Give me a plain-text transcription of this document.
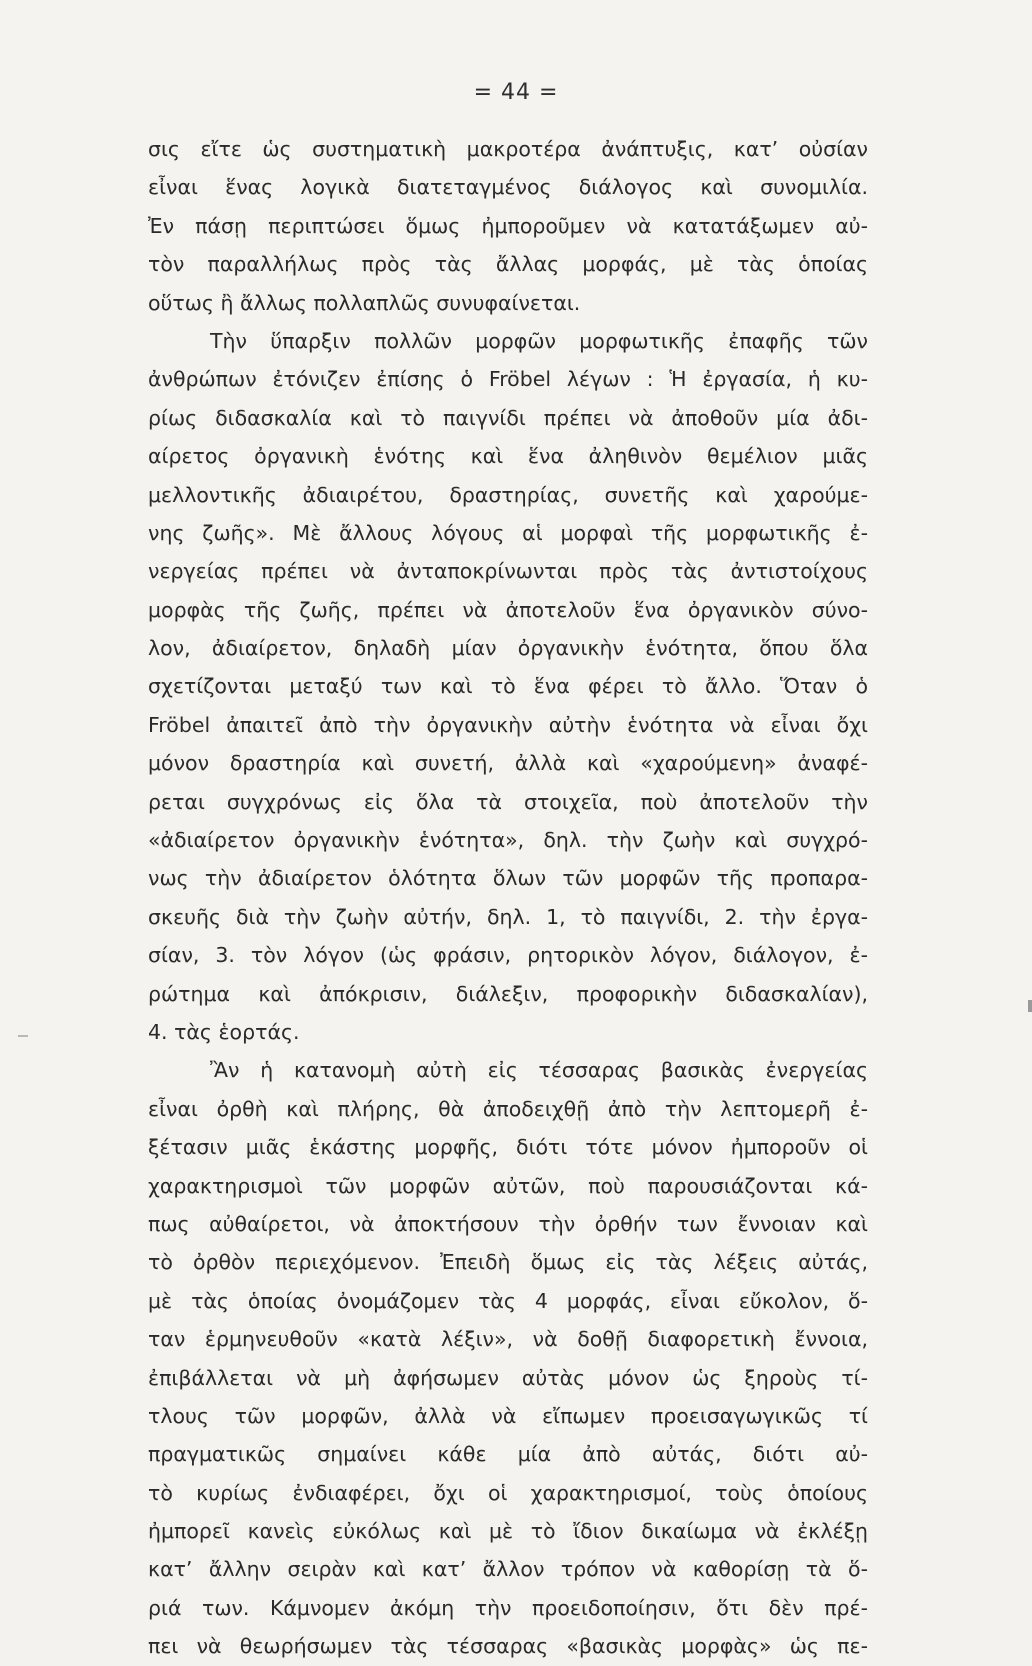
= 44 =
σις εἴτε ὡς συστηματικὴ μακροτέρα ἀνάπτυξις, κατ’ οὐσίαν
εἶναι ἕνας λογικὰ διατεταγμένος διάλογος καὶ συνομιλία.
Ἐν πάσῃ περιπτώσει ὅμως ἠμποροῦμεν νὰ κατατάξωμεν αὐ-
τὸν παραλλήλως πρὸς τὰς ἄλλας μορφάς, μὲ τὰς ὁποίας
οὕτως ἢ ἄλλως πολλαπλῶς συνυφαίνεται.
Τὴν ὕπαρξιν πολλῶν μορφῶν μορφωτικῆς ἐπαφῆς τῶν
ἀνθρώπων ἐτόνιζεν ἐπίσης ὁ Fröbel λέγων : Ἡ ἐργασία, ἡ κυ-
ρίως διδασκαλία καὶ τὸ παιγνίδι πρέπει νὰ ἀποθοῦν μία ἀδι-
αίρετος ὀργανικὴ ἑνότης καὶ ἕνα ἀληθινὸν θεμέλιον μιᾶς
μελλοντικῆς ἀδιαιρέτου, δραστηρίας, συνετῆς καὶ χαρούμε-
νης ζωῆς». Μὲ ἄλλους λόγους αἱ μορφαὶ τῆς μορφωτικῆς ἐ-
νεργείας πρέπει νὰ ἀνταποκρίνωνται πρὸς τὰς ἀντιστοίχους
μορφὰς τῆς ζωῆς, πρέπει νὰ ἀποτελοῦν ἕνα ὀργανικὸν σύνο-
λον, ἀδιαίρετον, δηλαδὴ μίαν ὀργανικὴν ἑνότητα, ὅπου ὅλα
σχετίζονται μεταξύ των καὶ τὸ ἕνα φέρει τὸ ἄλλο. Ὅταν ὁ
Fröbel ἀπαιτεῖ ἀπὸ τὴν ὀργανικὴν αὐτὴν ἑνότητα νὰ εἶναι ὄχι
μόνον δραστηρία καὶ συνετή, ἀλλὰ καὶ «χαρούμενη» ἀναφέ-
ρεται συγχρόνως εἰς ὅλα τὰ στοιχεῖα, ποὺ ἀποτελοῦν τὴν
«ἀδιαίρετον ὀργανικὴν ἑνότητα», δηλ. τὴν ζωὴν καὶ συγχρό-
νως τὴν ἀδιαίρετον ὁλότητα ὅλων τῶν μορφῶν τῆς προπαρα-
σκευῆς διὰ τὴν ζωὴν αὐτήν, δηλ. 1, τὸ παιγνίδι, 2. τὴν ἐργα-
σίαν, 3. τὸν λόγον (ὡς φράσιν, ρητορικὸν λόγον, διάλογον, ἐ-
ρώτημα καὶ ἀπόκρισιν, διάλεξιν, προφορικὴν διδασκαλίαν),
4. τὰς ἑορτάς.
Ἂν ἡ κατανομὴ αὐτὴ εἰς τέσσαρας βασικὰς ἐνεργείας
εἶναι ὀρθὴ καὶ πλήρης, θὰ ἀποδειχθῇ ἀπὸ τὴν λεπτομερῆ ἐ-
ξέτασιν μιᾶς ἑκάστης μορφῆς, διότι τότε μόνον ἠμποροῦν οἱ
χαρακτηρισμοὶ τῶν μορφῶν αὐτῶν, ποὺ παρουσιάζονται κά-
πως αὐθαίρετοι, νὰ ἀποκτήσουν τὴν ὀρθήν των ἔννοιαν καὶ
τὸ ὀρθὸν περιεχόμενον. Ἐπειδὴ ὅμως εἰς τὰς λέξεις αὐτάς,
μὲ τὰς ὁποίας ὀνομάζομεν τὰς 4 μορφάς, εἶναι εὔκολον, ὅ-
ταν ἑρμηνευθοῦν «κατὰ λέξιν», νὰ δοθῇ διαφορετικὴ ἔννοια,
ἐπιβάλλεται νὰ μὴ ἀφήσωμεν αὐτὰς μόνον ὡς ξηροὺς τί-
τλους τῶν μορφῶν, ἀλλὰ νὰ εἴπωμεν προεισαγωγικῶς τί
πραγματικῶς σημαίνει κάθε μία ἀπὸ αὐτάς, διότι αὐ-
τὸ κυρίως ἐνδιαφέρει, ὄχι οἱ χαρακτηρισμοί, τοὺς ὁποίους
ἠμπορεῖ κανεὶς εὐκόλως καὶ μὲ τὸ ἴδιον δικαίωμα νὰ ἐκλέξῃ
κατ’ ἄλλην σειρὰν καὶ κατ’ ἄλλον τρόπον νὰ καθορίσῃ τὰ ὅ-
ριά των. Κάμνομεν ἀκόμη τὴν προειδοποίησιν, ὅτι δὲν πρέ-
πει νὰ θεωρήσωμεν τὰς τέσσαρας «βασικὰς μορφὰς» ὡς πε-
